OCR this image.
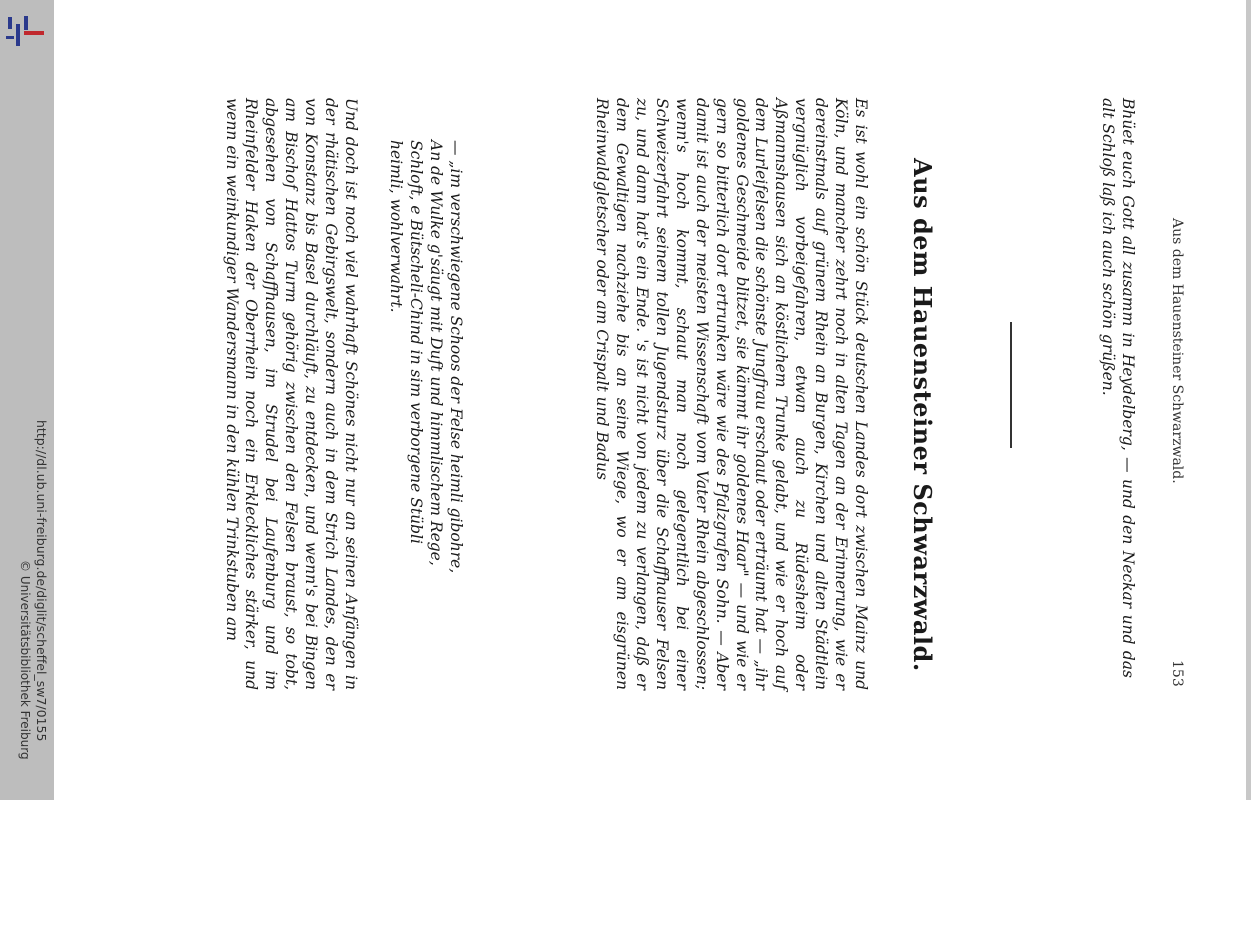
http://dl.ub.uni-freiburg.de/diglit/scheffel_sw7/0155
© Universitätsbibliothek Freiburg
Aus dem Hauensteiner Schwarzwald.
153
Bhüet euch Gott all zusamm in Heydelberg, — und den Neckar und das alt Schloß laß ich auch schön grüßen.
Aus dem Hauensteiner Schwarzwald.
Es ist wohl ein schön Stück deutschen Landes dort zwischen Mainz und Köln, und mancher zehrt noch in alten Tagen an der Erinnerung, wie er dereinstmals auf grünem Rhein an Burgen, Kirchen und alten Städtlein vergnüglich vorbeigefahren, etwan auch zu Rüdesheim oder Aßmannshausen sich an köstlichem Trunke gelabt, und wie er hoch auf dem Lurleifelsen die schönste Jungfrau erschaut oder erträumt hat — „ihr goldenes Geschmeide blitzet, sie kämmt ihr goldenes Haar" — und wie er gern so bitterlich dort ertrunken wäre wie des Pfalzgrafen Sohn. — Aber damit ist auch der meisten Wissenschaft vom Vater Rhein abgeschlossen; wenn's hoch kommt, schaut man noch gelegentlich bei einer Schweizerfahrt seinem tollen Jugendsturz über die Schaffhauser Felsen zu, und dann hat's ein Ende. 's ist nicht von jedem zu verlangen, daß er dem Gewaltigen nachziehe bis an seine Wiege, wo er am eisgrünen Rheinwaldgletscher oder am Crispalt und Badus
— „im verschwiegene Schoos der Felse heimli gibohre,
An de Wulke g'säugt mit Duft und himmlischem Rege,
Schloft, e Bütscheli-Chind in sim verborgene Stübli
heimli, wohlverwahrt.
Und doch ist noch viel wahrhaft Schönes nicht nur an seinen Anfängen in der rhätischen Gebirgswelt, sondern auch in dem Strich Landes, den er von Konstanz bis Basel durchläuft, zu entdecken, und wenn's bei Bingen am Bischof Hattos Turm gehörig zwischen den Felsen braust, so tobt, abgesehen von Schaffhausen, im Strudel bei Laufenburg und im Rheinfelder Haken der Oberrhein noch ein Erkleckliches stärker, und wenn ein weinkundiger Wandersmann in den kühlen Trinkstuben am
